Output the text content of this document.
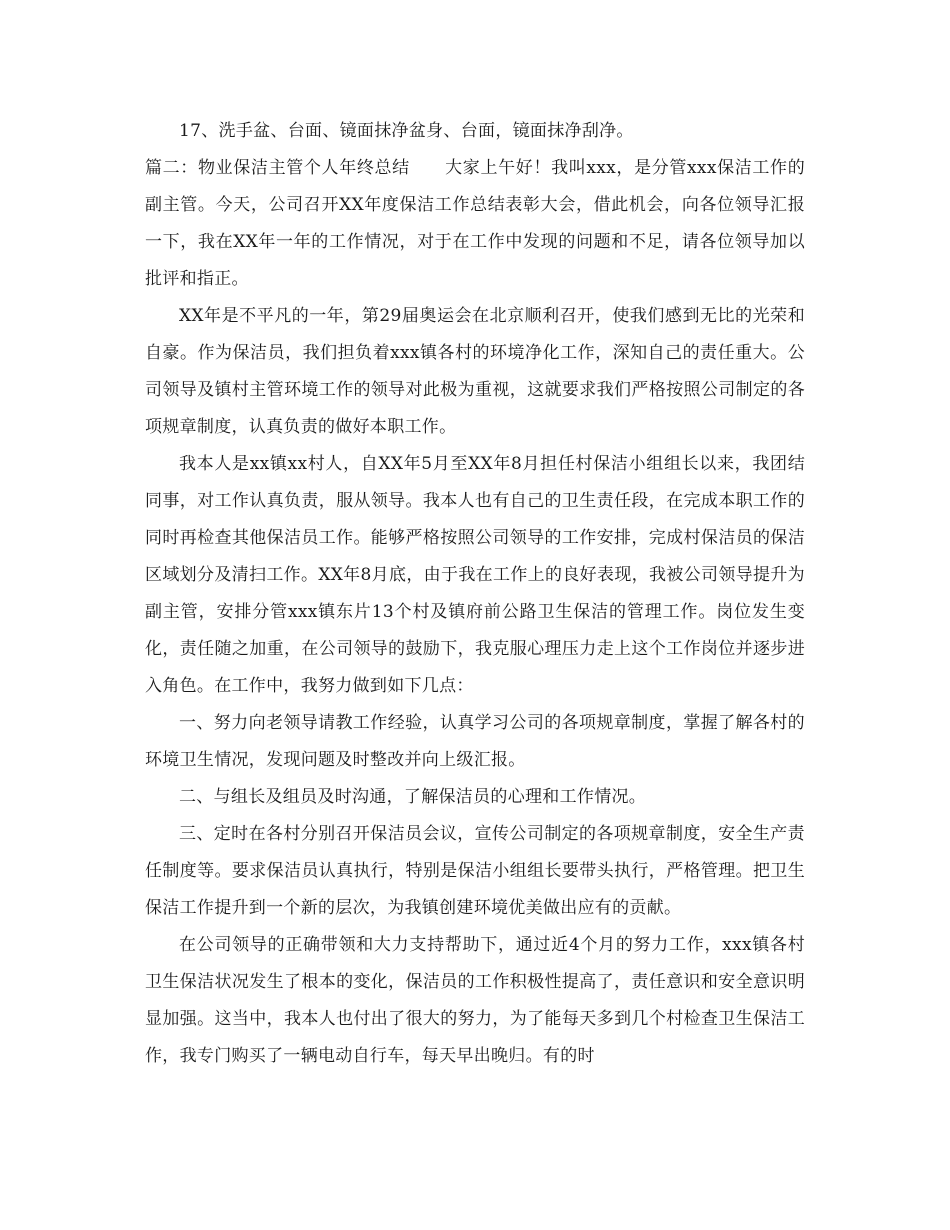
17、洗手盆、台面、镜面抹净盆身、台面，镜面抹净刮净。

篇二：物业保洁主管个人年终总结　　大家上午好！我叫xxx，是分管xxx保洁工作的副主管。今天，公司召开XX年度保洁工作总结表彰大会，借此机会，向各位领导汇报一下，我在XX年一年的工作情况，对于在工作中发现的问题和不足，请各位领导加以批评和指正。

XX年是不平凡的一年，第29届奥运会在北京顺利召开，使我们感到无比的光荣和自豪。作为保洁员，我们担负着xxx镇各村的环境净化工作，深知自己的责任重大。公司领导及镇村主管环境工作的领导对此极为重视，这就要求我们严格按照公司制定的各项规章制度，认真负责的做好本职工作。

我本人是xx镇xx村人，自XX年5月至XX年8月担任村保洁小组组长以来，我团结同事，对工作认真负责，服从领导。我本人也有自己的卫生责任段，在完成本职工作的同时再检查其他保洁员工作。能够严格按照公司领导的工作安排，完成村保洁员的保洁区域划分及清扫工作。XX年8月底，由于我在工作上的良好表现，我被公司领导提升为副主管，安排分管xxx镇东片13个村及镇府前公路卫生保洁的管理工作。岗位发生变化，责任随之加重，在公司领导的鼓励下，我克服心理压力走上这个工作岗位并逐步进入角色。在工作中，我努力做到如下几点：

一、努力向老领导请教工作经验，认真学习公司的各项规章制度，掌握了解各村的环境卫生情况，发现问题及时整改并向上级汇报。

二、与组长及组员及时沟通，了解保洁员的心理和工作情况。

三、定时在各村分别召开保洁员会议，宣传公司制定的各项规章制度，安全生产责任制度等。要求保洁员认真执行，特别是保洁小组组长要带头执行，严格管理。把卫生保洁工作提升到一个新的层次，为我镇创建环境优美做出应有的贡献。

在公司领导的正确带领和大力支持帮助下，通过近4个月的努力工作，xxx镇各村卫生保洁状况发生了根本的变化，保洁员的工作积极性提高了，责任意识和安全意识明显加强。这当中，我本人也付出了很大的努力，为了能每天多到几个村检查卫生保洁工作，我专门购买了一辆电动自行车，每天早出晚归。有的时
